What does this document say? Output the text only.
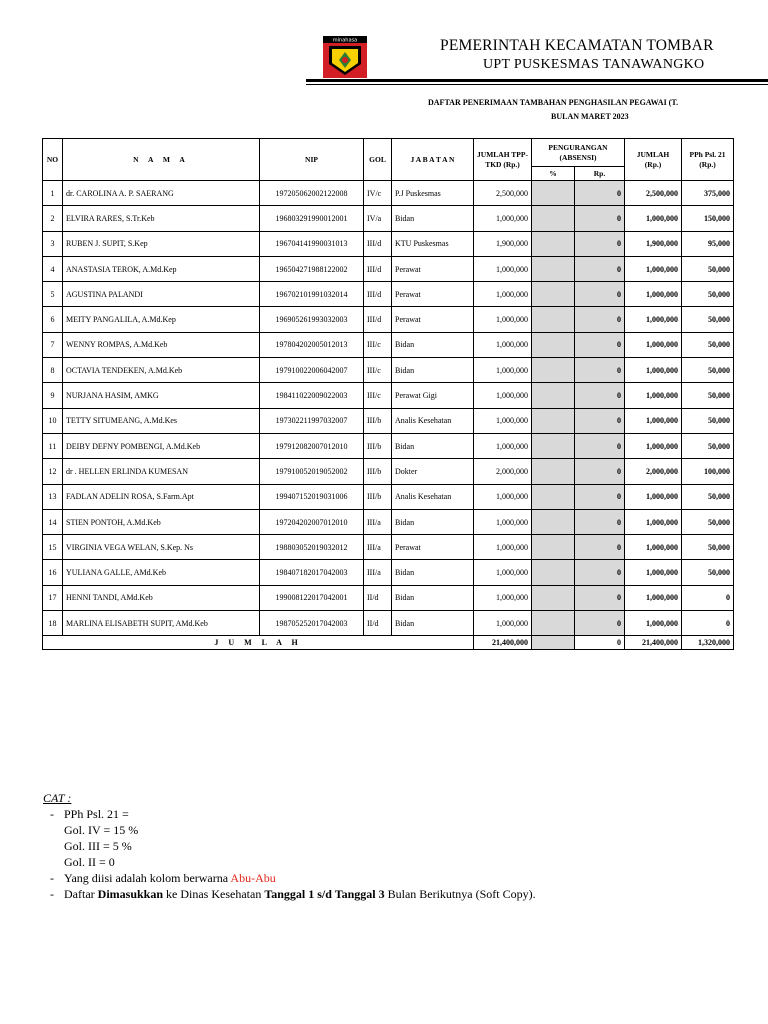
minahasa	PEMERINTAH KECAMATAN TOMBAR
UPT PUSKESMAS TANAWANGKO
DAFTAR PENERIMAAN TAMBAHAN PENGHASILAN PEGAWAI (T.
BULAN MARET 2023
NO	N A M A	NIP	GOL	J A B A T A N	JUMLAH TPP- TKD (Rp.)	PENGURANGAN (ABSENSI)		JUMLAH (Rp.)	PPh Psl. 21 (Rp.)
						%	Rp.		
1	dr. CAROLINA A. P. SAERANG	197205062002122008	IV/c	P.J Puskesmas	2,500,000		0	2,500,000	375,000
2	ELVIRA RARES, S.Tr.Keb	196803291990012001	IV/a	Bidan	1,000,000		0	1,000,000	150,000
3	RUBEN J. SUPIT, S.Kep	196704141990031013	III/d	KTU Puskesmas	1,900,000		0	1,900,000	95,000
4	ANASTASIA TEROK, A.Md.Kep	196504271988122002	III/d	Perawat	1,000,000		0	1,000,000	50,000
5	AGUSTINA PALANDI	196702101991032014	III/d	Perawat	1,000,000		0	1,000,000	50,000
6	MEITY PANGALILA, A.Md.Kep	196905261993032003	III/d	Perawat	1,000,000		0	1,000,000	50,000
7	WENNY ROMPAS, A.Md.Keb	197804202005012013	III/c	Bidan	1,000,000		0	1,000,000	50,000
8	OCTAVIA TENDEKEN, A.Md.Keb	197910022006042007	III/c	Bidan	1,000,000		0	1,000,000	50,000
9	NURJANA HASIM, AMKG	198411022009022003	III/c	Perawat Gigi	1,000,000		0	1,000,000	50,000
10	TETTY SITUMEANG, A.Md.Kes	197302211997032007	III/b	Analis Kesehatan	1,000,000		0	1,000,000	50,000
11	DEIBY DEFNY POMBENGI, A.Md.Keb	197912082007012010	III/b	Bidan	1,000,000		0	1,000,000	50,000
12	dr . HELLEN ERLINDA KUMESAN	197910052019052002	III/b	Dokter	2,000,000		0	2,000,000	100,000
13	FADLAN ADELIN ROSA, S.Farm.Apt	199407152019031006	III/b	Analis Kesehatan	1,000,000		0	1,000,000	50,000
14	STIEN PONTOH, A.Md.Keb	197204202007012010	III/a	Bidan	1,000,000		0	1,000,000	50,000
15	VIRGINIA VEGA WELAN, S.Kep. Ns	198803052019032012	III/a	Perawat	1,000,000		0	1,000,000	50,000
16	YULIANA GALLE, AMd.Keb	198407182017042003	III/a	Bidan	1,000,000		0	1,000,000	50,000
17	HENNI TANDI, AMd.Keb	199008122017042001	II/d	Bidan	1,000,000		0	1,000,000	0
18	MARLINA ELISABETH SUPIT, AMd.Keb	198705252017042003	II/d	Bidan	1,000,000		0	1,000,000	0
J U M L A H					21,400,000		0	21,400,000	1,320,000
CAT :
- PPh Psl. 21 =
Gol. IV = 15 %
Gol. III = 5 %
Gol. II = 0
- Yang diisi adalah kolom berwarna Abu-Abu
- Daftar Dimasukkan ke Dinas Kesehatan Tanggal 1 s/d Tanggal 3 Bulan Berikutnya (Soft Copy).
